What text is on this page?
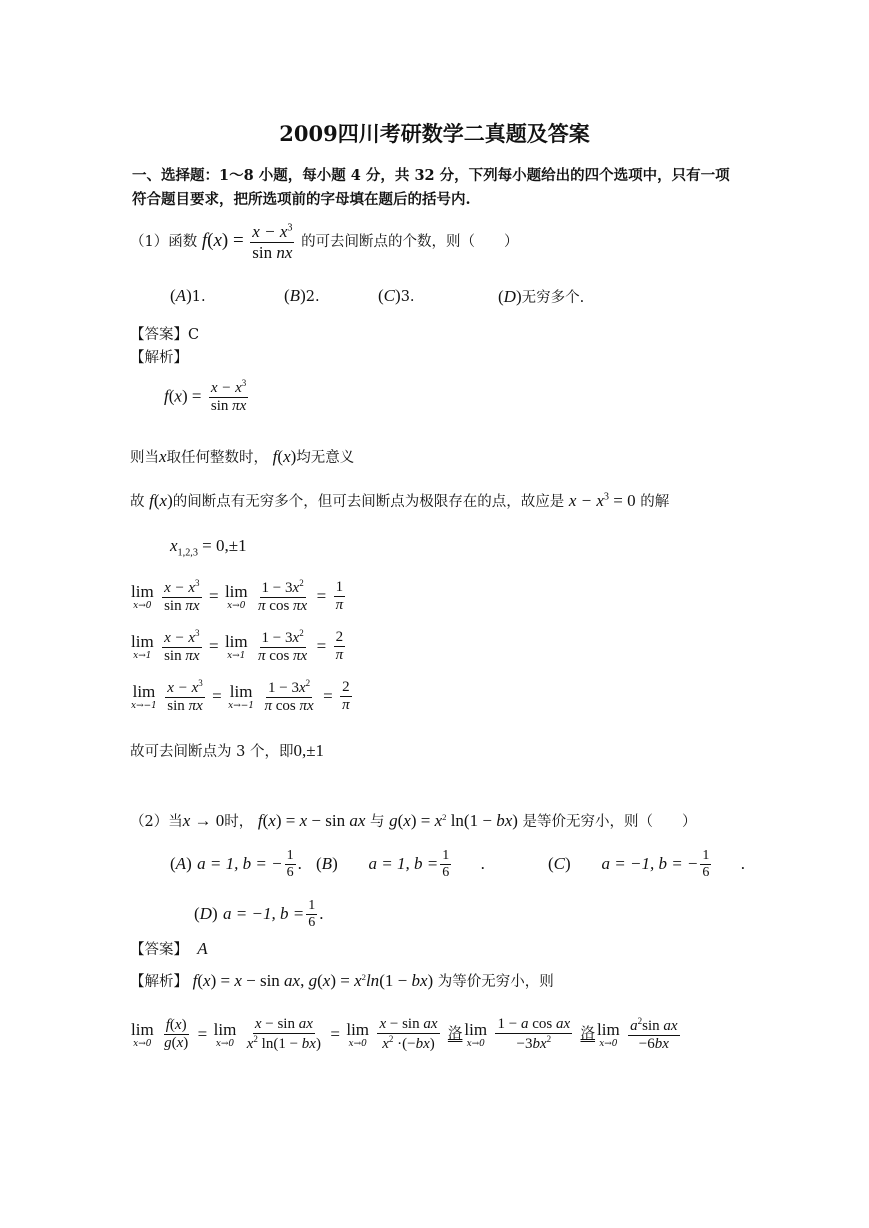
2009四川考研数学二真题及答案
一、选择题：1～8 小题，每小题 4 分，共 32 分，下列每小题给出的四个选项中，只有一项
符合题目要求，把所选项前的字母填在题后的括号内.
（1）函数 $f(x) = \frac{x - x^3}{\text{sin nx}}$ 的可去间断点的个数，则（　　）
(A)1.	(B)2.	(C)3.	(D)无穷多个.
【答案】C
【解析】
$f(x) = \frac{x - x^3}{\text{sin πx}}$
则当x取任何整数时， f(x)均无意义
故 f(x)的间断点有无穷多个，但可去间断点为极限存在的点，故应是 $x - x^3 = 0$ 的解
$x_{1,2,3} = 0,\pm 1$
lim
x→0
$\frac{x - x^3}{\text{sin πx}} = \lim$
x→0
$\frac{1 - 3x^2}{\text{π cos πx}} = \frac{1}{\pi}$
lim
x→1
$\frac{x - x^3}{\text{sin πx}} = \lim$
x→1
$\frac{1 - 3x^2}{\text{π cos πx}} = \frac{2}{\pi}$
lim
x→−1
$\frac{x - x^3}{\text{sin πx}} = \lim$
x→−1
$\frac{1 - 3x^2}{\text{π cos πx}} = \frac{2}{\pi}$
故可去间断点为 3 个，即0,±1
（2）当x → 0时， f(x) = x − sin ax 与 $g(x) = x^2$ ln(1 − bx) 是等价无穷小，则（　　）
(A) a = 1, b = − $\frac{1}{6}$ . (B) a = 1, $b = \frac{1}{6}$ .	(C) a = −1, b = − $\frac{1}{6}$ .
(D) a = −1, $b = \frac{1}{6}$ .
【答案】 A
【解析】 f(x) = x − sin ax, $g(x) = x^2\ln(1 - bx)$ 为等价无穷小，则
lim
x→0
$\frac{f(x)}{g(x)} = \lim$
x→0
$\frac{\text{x − sin ax}}{x^2 \ln(1 - bx)} = \lim$
x→0
$\frac{\text{x − sin ax}}{x^2 \cdot(-bx)}$
洛 lim
x→0
$\frac{\text{1 − a cos ax}}{-3bx^2}$
洛 lim
x→0
$\frac{a^2\sin ax}{-6bx}$
